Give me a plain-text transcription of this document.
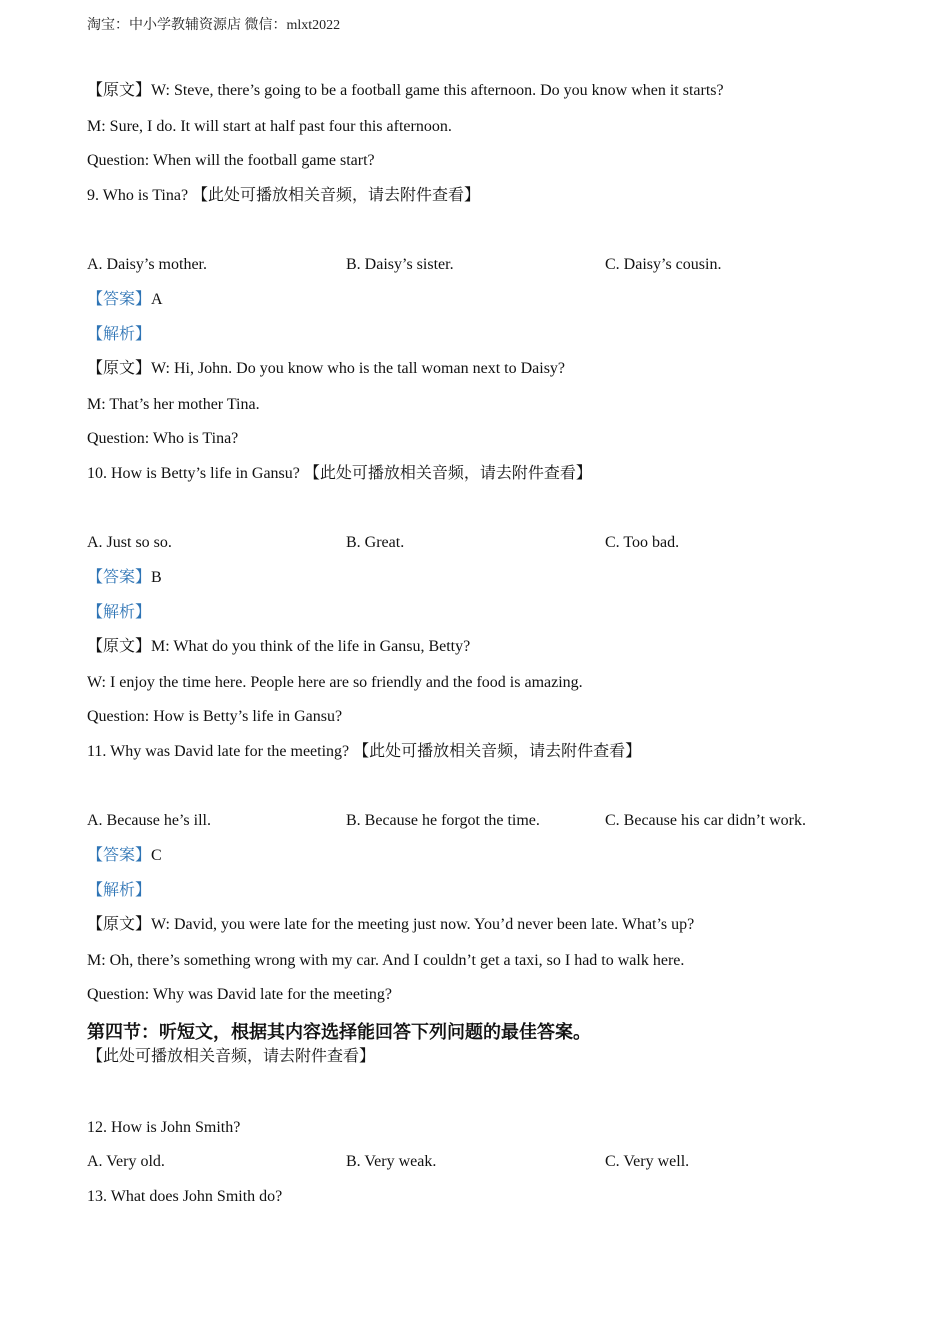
淘宝：中小学教辅资源店 微信：mlxt2022
【原文】W: Steve, there’s going to be a football game this afternoon. Do you know when it starts?
M: Sure, I do. It will start at half past four this afternoon.
Question: When will the football game start?
9. Who is Tina? 【此处可播放相关音频，请去附件查看】
A. Daisy’s mother.	B. Daisy’s sister.	C. Daisy’s cousin.
【答案】A
【解析】
【原文】W: Hi, John. Do you know who is the tall woman next to Daisy?
M: That’s her mother Tina.
Question: Who is Tina?
10. How is Betty’s life in Gansu? 【此处可播放相关音频，请去附件查看】
A. Just so so.	B. Great.	C. Too bad.
【答案】B
【解析】
【原文】M: What do you think of the life in Gansu, Betty?
W: I enjoy the time here. People here are so friendly and the food is amazing.
Question: How is Betty’s life in Gansu?
11. Why was David late for the meeting? 【此处可播放相关音频，请去附件查看】
A. Because he’s ill.	B. Because he forgot the time.	C. Because his car didn’t work.
【答案】C
【解析】
【原文】W: David, you were late for the meeting just now. You’d never been late. What’s up?
M: Oh, there’s something wrong with my car. And I couldn’t get a taxi, so I had to walk here.
Question: Why was David late for the meeting?
第四节：听短文，根据其内容选择能回答下列问题的最佳答案。
【此处可播放相关音频，请去附件查看】
12. How is John Smith?
A. Very old.	B. Very weak.	C. Very well.
13. What does John Smith do?
